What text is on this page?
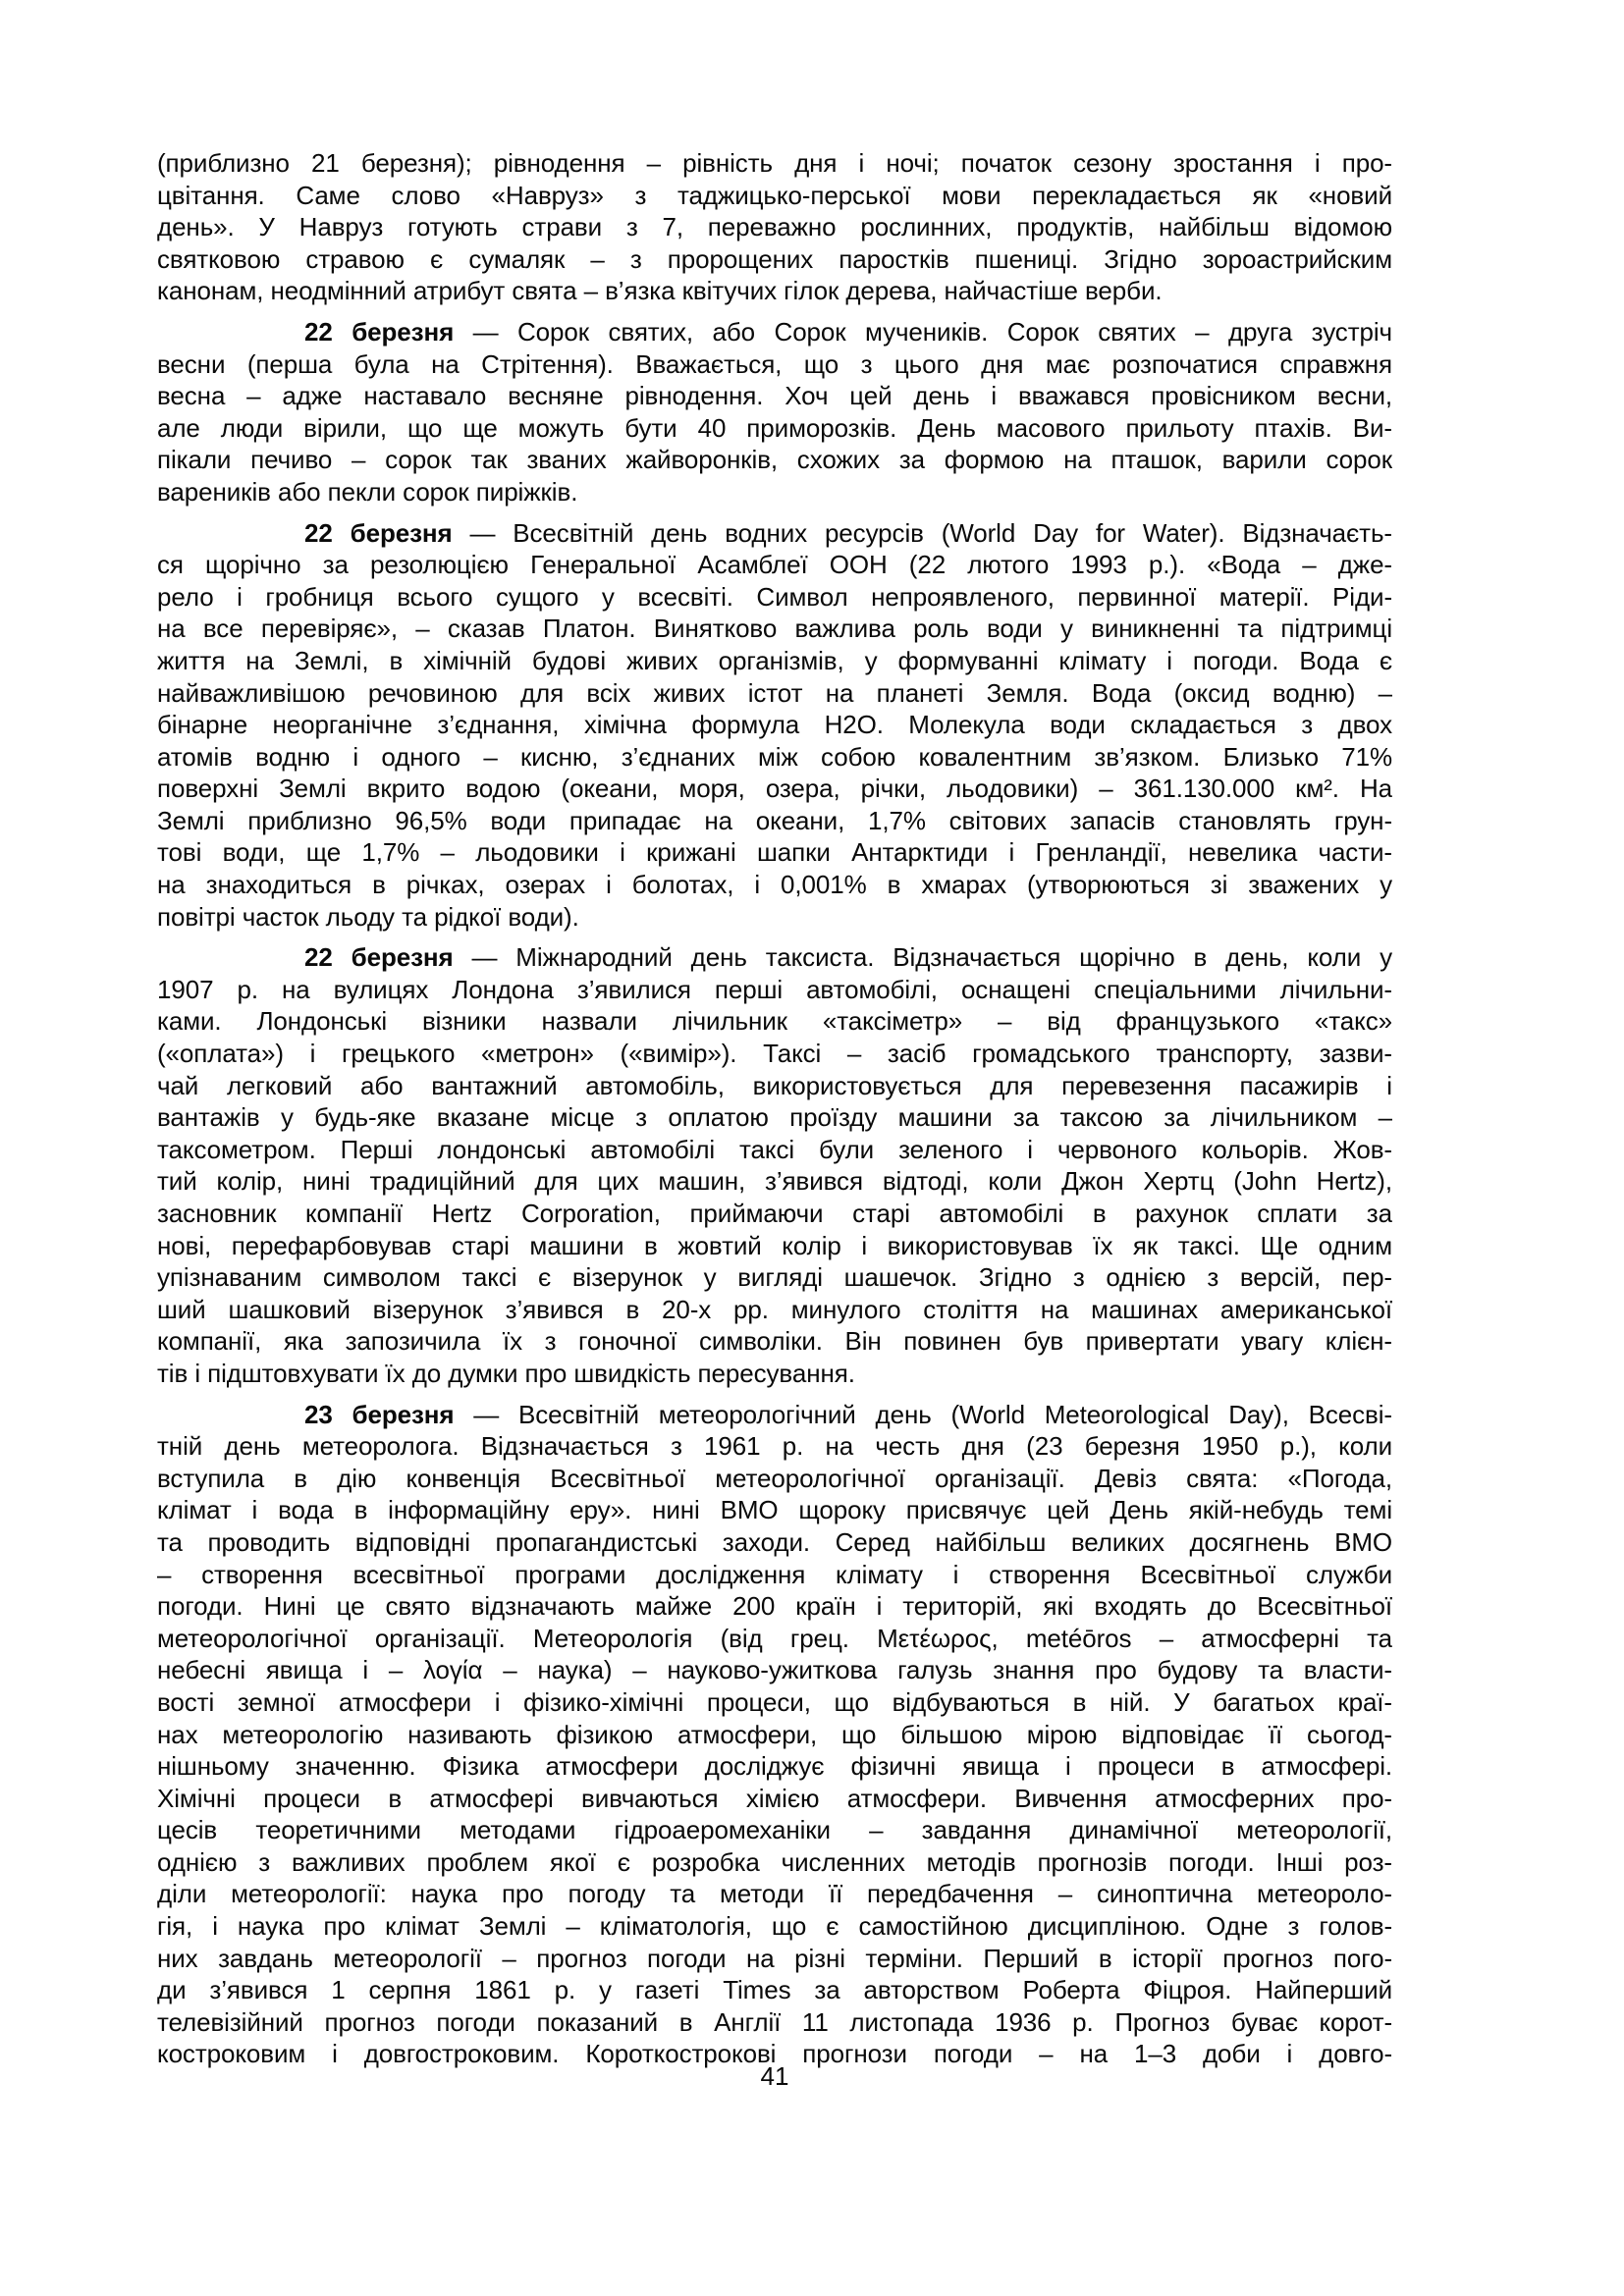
(приблизно 21 березня); рівнодення – рівність дня і ночі; початок сезону зростання і про-
цвітання. Саме слово «Навруз» з таджицько-перської мови перекладається як «новий
день». У Навруз готують страви з 7, переважно рослинних, продуктів, найбільш відомою
святковою стравою є сумаляк – з пророщених паростків пшениці. Згідно зороастрийским
канонам, неодмінний атрибут свята – в’язка квітучих гілок дерева, найчастіше верби.
22 березня — Сорок святих, або Сорок мучеників. Сорок святих – друга зустріч
весни (перша була на Стрітення). Вважається, що з цього дня має розпочатися справжня
весна – адже наставало весняне рівнодення. Хоч цей день і вважався провісником весни,
але люди вірили, що ще можуть бути 40 приморозків. День масового прильоту птахів. Ви-
пікали печиво – сорок так званих жайворонків, схожих за формою на пташок, варили сорок
вареників або пекли сорок пиріжків.
22 березня — Всесвітній день водних ресурсів (World Day for Water). Відзначаєть-
ся щорічно за резолюцією Генеральної Асамблеї ООН (22 лютого 1993 р.). «Вода – дже-
рело і гробниця всього сущого у всесвіті. Символ непроявленого, первинної матерії. Ріди-
на все перевіряє», – сказав Платон. Винятково важлива роль води у виникненні та підтримці
життя на Землі, в хімічній будові живих організмів, у формуванні клімату і погоди. Вода є
найважливішою речовиною для всіх живих істот на планеті Земля. Вода (оксид водню) –
бінарне неорганічне з’єднання, хімічна формула Н2О. Молекула води складається з двох
атомів водню і одного – кисню, з’єднаних між собою ковалентним зв’язком. Близько 71%
поверхні Землі вкрито водою (океани, моря, озера, річки, льодовики) – 361.130.000 км². На
Землі приблизно 96,5% води припадає на океани, 1,7% світових запасів становлять грун-
тові води, ще 1,7% – льодовики і крижані шапки Антарктиди і Гренландії, невелика части-
на знаходиться в річках, озерах і болотах, і 0,001% в хмарах (утворюються зі зважених у
повітрі часток льоду та рідкої води).
22 березня — Міжнародний день таксиста. Відзначається щорічно в день, коли у
1907 р. на вулицях Лондона з’явилися перші автомобілі, оснащені спеціальними лічильни-
ками. Лондонські візники назвали лічильник «таксіметр» – від французького «такс»
(«оплата») і грецького «метрон» («вимір»). Таксі – засіб громадського транспорту, зазви-
чай легковий або вантажний автомобіль, використовується для перевезення пасажирів і
вантажів у будь-яке вказане місце з оплатою проїзду машини за таксою за лічильником –
таксометром. Перші лондонські автомобілі таксі були зеленого і червоного кольорів. Жов-
тий колір, нині традиційний для цих машин, з’явився відтоді, коли Джон Хертц (John Hertz),
засновник компанії Hertz Corporation, приймаючи старі автомобілі в рахунок сплати за
нові, перефарбовував старі машини в жовтий колір і використовував їх як таксі. Ще одним
упізнаваним символом таксі є візерунок у вигляді шашечок. Згідно з однією з версій, пер-
ший шашковий візерунок з’явився в 20-х рр. минулого століття на машинах американської
компанії, яка запозичила їх з гоночної символіки. Він повинен був привертати увагу клієн-
тів і підштовхувати їх до думки про швидкість пересування.
23 березня — Всесвітній метеорологічний день (World Meteorological Day), Всесві-
тній день метеоролога. Відзначається з 1961 р. на честь дня (23 березня 1950 р.), коли
вступила в дію конвенція Всесвітньої метеорологічної організації. Девіз свята: «Погода,
клімат і вода в інформаційну еру». нині ВМО щороку присвячує цей День якій-небудь темі
та проводить відповідні пропагандистські заходи. Серед найбільш великих досягнень ВМО
– створення всесвітньої програми дослідження клімату і створення Всесвітньої служби
погоди. Нині це свято відзначають майже 200 країн і територій, які входять до Всесвітньої
метеорологічної організації. Метеорологія (від грец. Μετέωρος, metéōros – атмосферні та
небесні явища і – λογία – наука) – науково-ужиткова галузь знання про будову та власти-
вості земної атмосфери і фізико-хімічні процеси, що відбуваються в ній. У багатьох краї-
нах метеорологію називають фізикою атмосфери, що більшою мірою відповідає її сьогод-
нішньому значенню. Фізика атмосфери досліджує фізичні явища і процеси в атмосфері.
Хімічні процеси в атмосфері вивчаються хімією атмосфери. Вивчення атмосферних про-
цесів теоретичними методами гідроаеромеханіки – завдання динамічної метеорології,
однією з важливих проблем якої є розробка численних методів прогнозів погоди. Інші роз-
діли метеорології: наука про погоду та методи її передбачення – синоптична метеороло-
гія, і наука про клімат Землі – кліматологія, що є самостійною дисципліною. Одне з голов-
них завдань метеорології – прогноз погоди на різні терміни. Перший в історії прогноз пого-
ди з’явився 1 серпня 1861 р. у газеті Times за авторством Роберта Фіцроя. Найперший
телевізійний прогноз погоди показаний в Англії 11 листопада 1936 р. Прогноз буває корот-
костроковим і довгостроковим. Короткострокові прогнози погоди – на 1–3 доби і довго-
41
